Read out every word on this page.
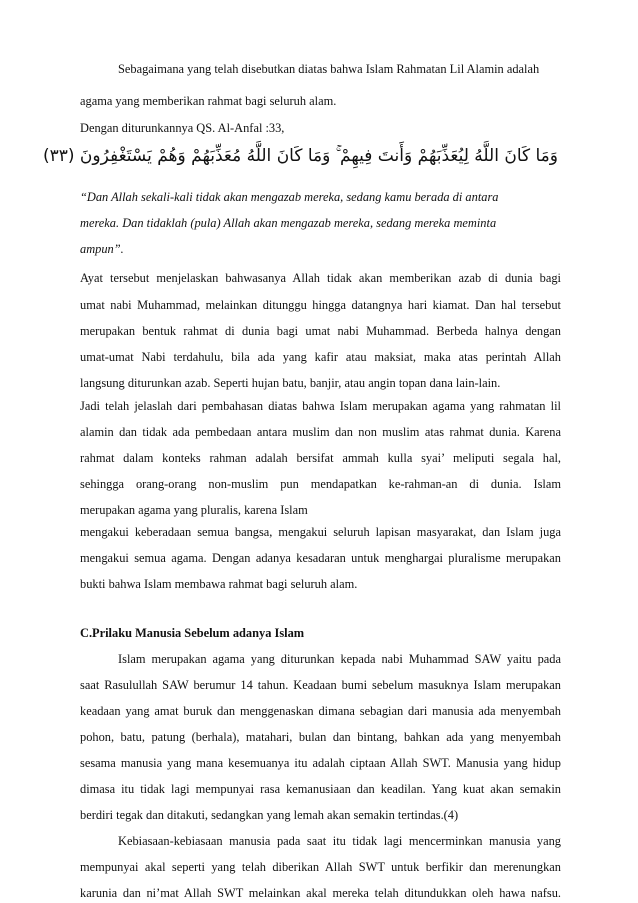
Sebagaimana yang telah disebutkan diatas bahwa Islam Rahmatan Lil Alamin adalah
agama yang memberikan rahmat bagi seluruh alam.
Dengan diturunkannya QS. Al-Anfal :33,
وَمَا كَانَ اللَّهُ لِيُعَذِّبَهُمْ وَأَنتَ فِيهِمْ ۚ وَمَا كَانَ اللَّهُ مُعَذِّبَهُمْ وَهُمْ يَسْتَغْفِرُونَ (٣٣)
“Dan Allah sekali-kali tidak akan mengazab mereka, sedang kamu berada di antara
mereka. Dan tidaklah (pula) Allah akan mengazab mereka, sedang mereka meminta
ampun”.
Ayat tersebut menjelaskan bahwasanya Allah tidak akan memberikan azab di dunia bagi
umat nabi Muhammad, melainkan ditunggu hingga datangnya hari kiamat. Dan hal tersebut
merupakan bentuk rahmat di dunia bagi umat nabi Muhammad. Berbeda halnya dengan
umat-umat Nabi terdahulu, bila ada yang kafir atau maksiat, maka atas perintah Allah
langsung diturunkan azab. Seperti hujan batu, banjir, atau angin topan dana lain-lain.
Jadi telah jelaslah dari pembahasan diatas bahwa Islam merupakan agama yang rahmatan lil
alamin dan tidak ada pembedaan antara muslim dan non muslim atas rahmat dunia. Karena
rahmat dalam konteks rahman adalah bersifat ammah kulla syai’ meliputi segala hal,
sehingga orang-orang non-muslim pun mendapatkan ke-rahman-an di dunia. Islam
merupakan agama yang pluralis, karena Islam
mengakui keberadaan semua bangsa, mengakui seluruh lapisan masyarakat, dan Islam juga
mengakui semua agama. Dengan adanya kesadaran untuk menghargai pluralisme merupakan
bukti bahwa Islam membawa rahmat bagi seluruh alam.
C.Prilaku Manusia Sebelum adanya Islam
Islam merupakan agama yang diturunkan kepada nabi Muhammad SAW yaitu pada
saat Rasulullah SAW berumur 14 tahun. Keadaan bumi sebelum masuknya Islam merupakan
keadaan yang amat buruk dan menggenaskan dimana sebagian dari manusia ada menyembah
pohon, batu, patung (berhala), matahari, bulan dan bintang, bahkan ada yang menyembah
sesama manusia yang mana kesemuanya itu adalah ciptaan Allah SWT. Manusia yang hidup
dimasa itu tidak lagi mempunyai rasa kemanusiaan dan keadilan. Yang kuat akan semakin
berdiri tegak dan ditakuti, sedangkan yang lemah akan semakin tertindas.(4)
Kebiasaan-kebiasaan manusia pada saat itu tidak lagi mencerminkan manusia yang
mempunyai akal seperti yang telah diberikan Allah SWT untuk berfikir dan merenungkan
karunia dan ni’mat Allah SWT melainkan akal mereka telah ditundukkan oleh hawa nafsu.
